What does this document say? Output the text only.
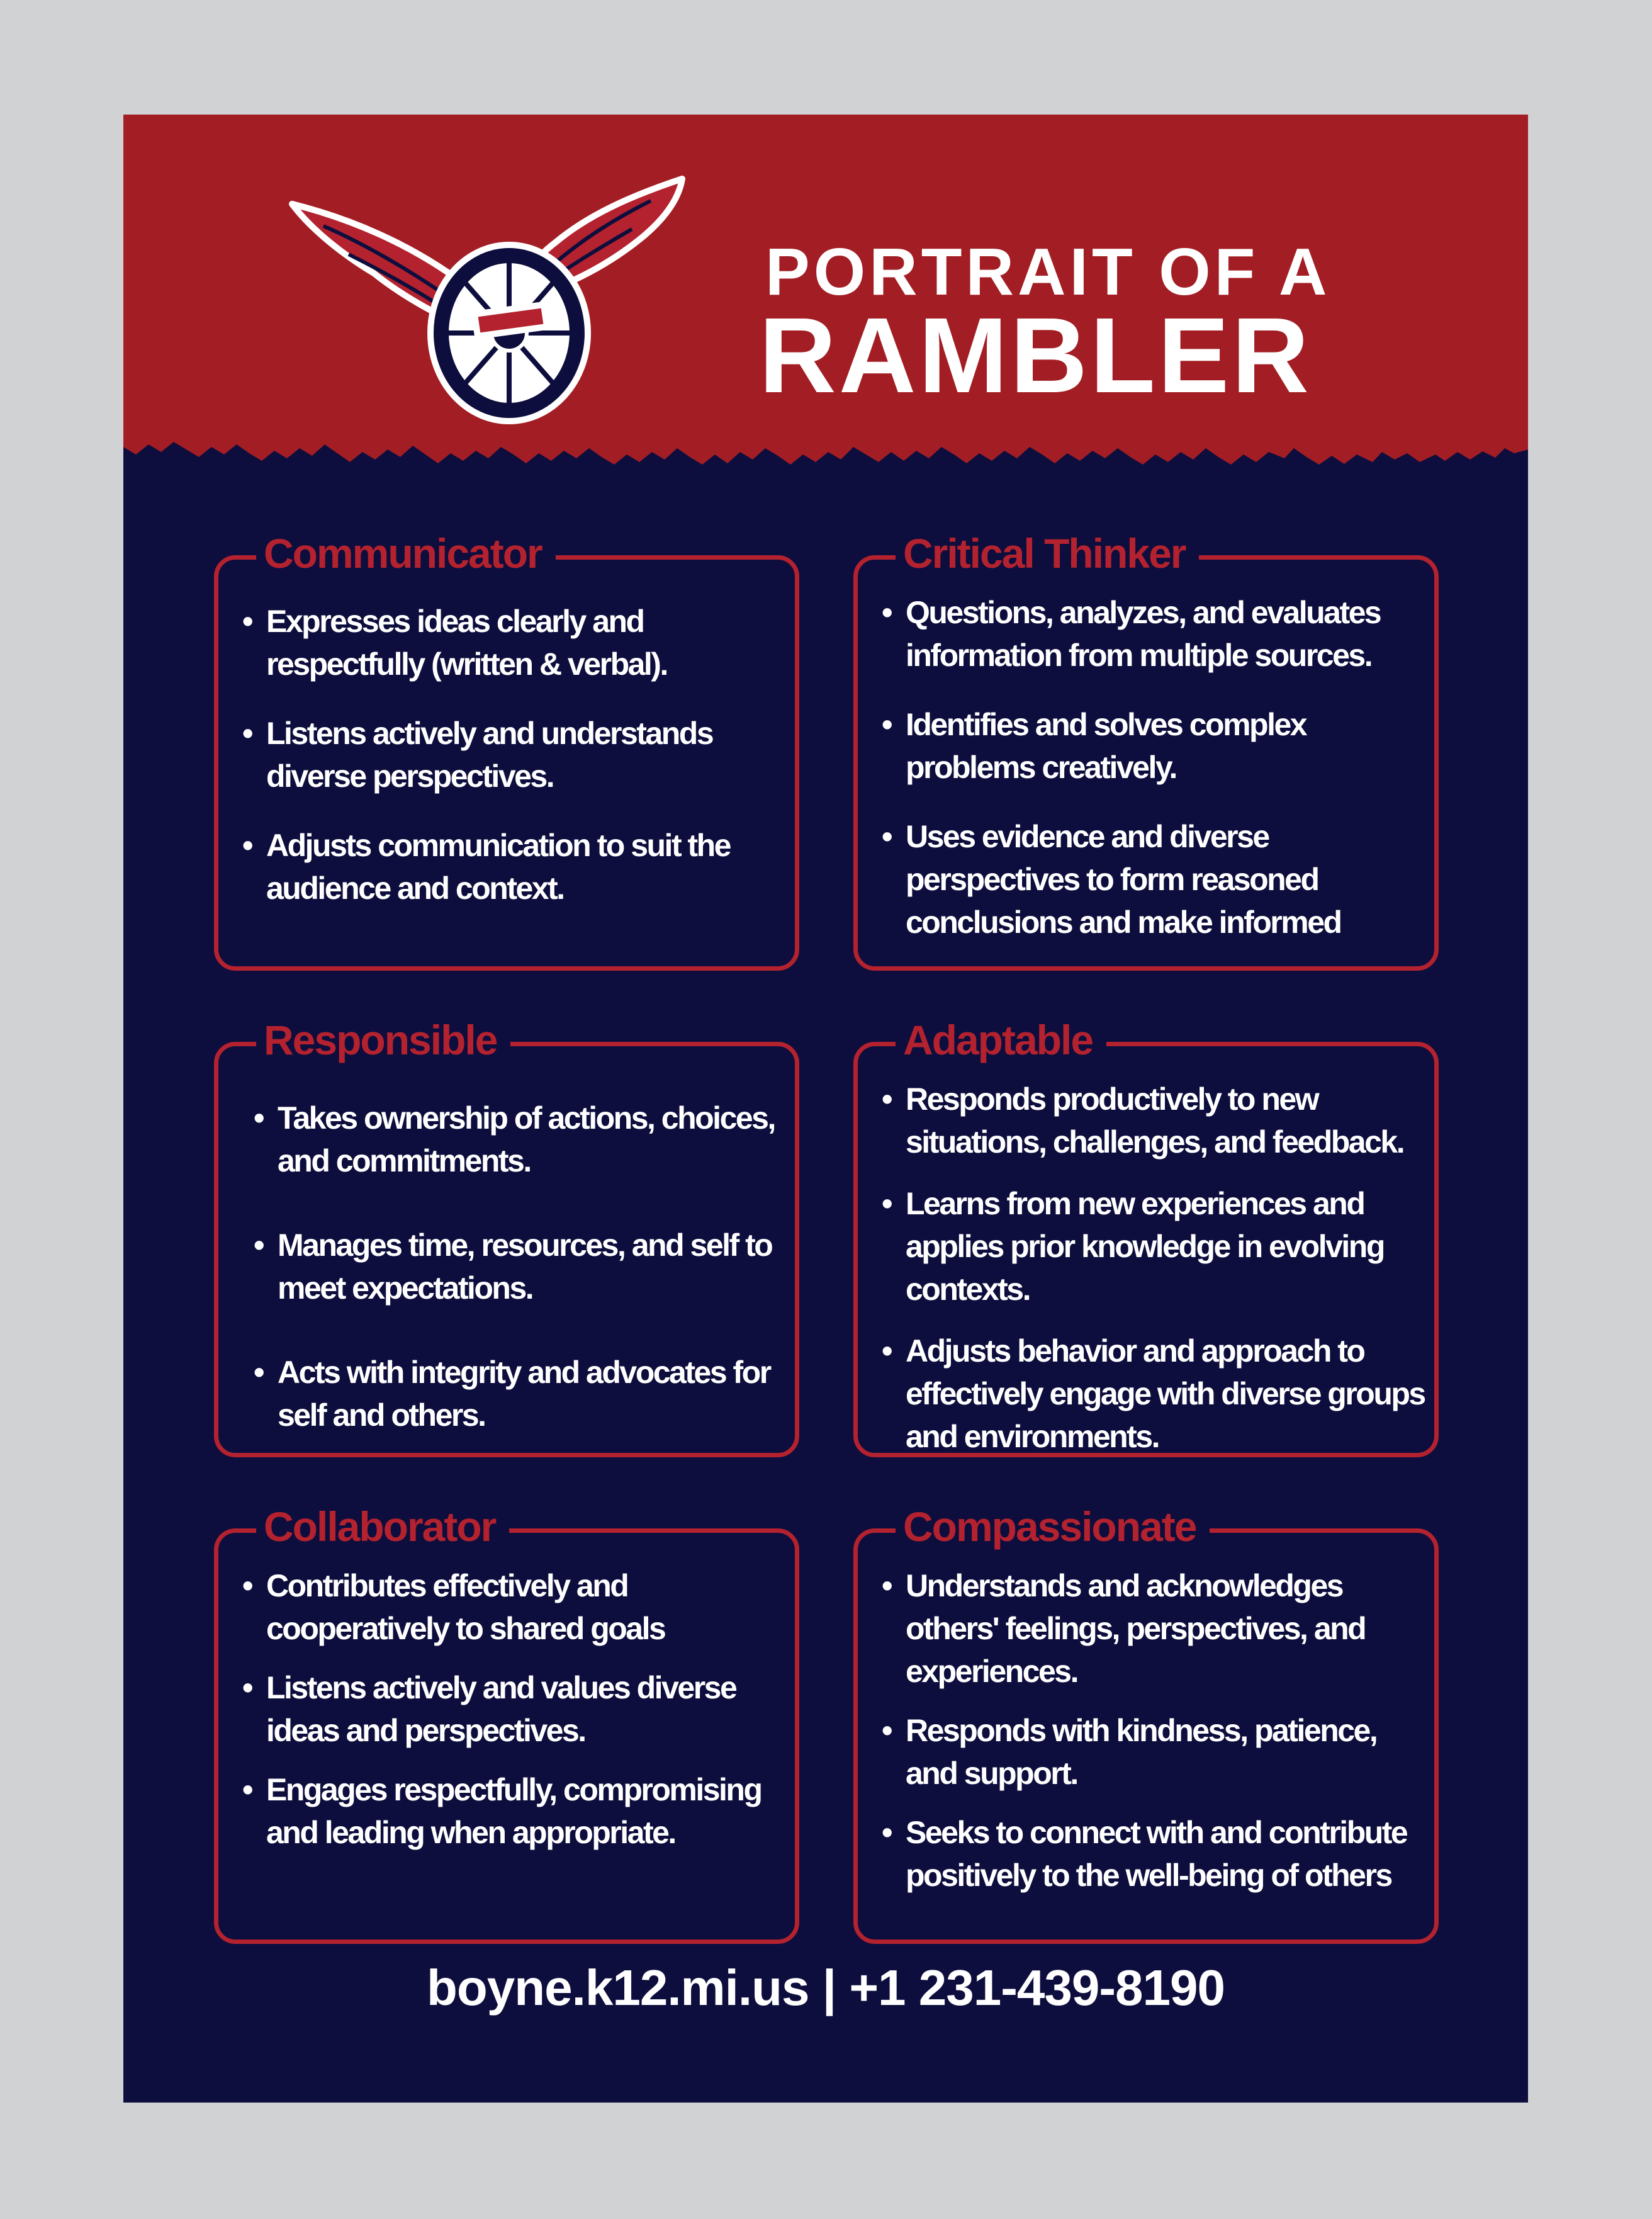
PORTRAIT OF A
RAMBLER
Communicator
• Expresses ideas clearly and respectfully (written & verbal).
• Listens actively and understands diverse perspectives.
• Adjusts communication to suit the audience and context.
Critical Thinker
• Questions, analyzes, and evaluates information from multiple sources.
• Identifies and solves complex problems creatively.
• Uses evidence and diverse perspectives to form reasoned conclusions and make informed
Responsible
• Takes ownership of actions, choices, and commitments.
• Manages time, resources, and self to meet expectations.
• Acts with integrity and advocates for self and others.
Adaptable
• Responds productively to new situations, challenges, and feedback.
• Learns from new experiences and applies prior knowledge in evolving contexts.
• Adjusts behavior and approach to effectively engage with diverse groups and environments.
Collaborator
• Contributes effectively and cooperatively to shared goals
• Listens actively and values diverse ideas and perspectives.
• Engages respectfully, compromising and leading when appropriate.
Compassionate
• Understands and acknowledges others' feelings, perspectives, and experiences.
• Responds with kindness, patience, and support.
• Seeks to connect with and contribute positively to the well-being of others
boyne.k12.mi.us | +1 231-439-8190
